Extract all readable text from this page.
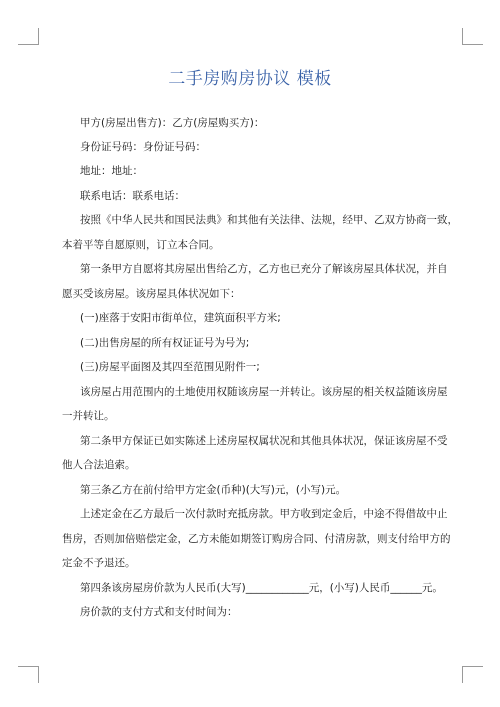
二手房购房协议 模板
甲方(房屋出售方)：乙方(房屋购买方)：
身份证号码：身份证号码：
地址：地址：
联系电话：联系电话：
按照《中华人民共和国民法典》和其他有关法律、法规，经甲、乙双方协商一致，
本着平等自愿原则，订立本合同。
第一条甲方自愿将其房屋出售给乙方，乙方也已充分了解该房屋具体状况，并自
愿买受该房屋。该房屋具体状况如下：
(一)座落于安阳市街单位，建筑面积平方米;
(二)出售房屋的所有权证证号为号为;
(三)房屋平面图及其四至范围见附件一;
该房屋占用范围内的土地使用权随该房屋一并转让。该房屋的相关权益随该房屋
一并转让。
第二条甲方保证已如实陈述上述房屋权属状况和其他具体状况，保证该房屋不受
他人合法追索。
第三条乙方在前付给甲方定金(币种)(大写)元，(小写)元。
上述定金在乙方最后一次付款时充抵房款。甲方收到定金后，中途不得借故中止
售房，否则加倍赔偿定金，乙方未能如期签订购房合同、付清房款，则支付给甲方的
定金不予退还。
第四条该房屋房价款为人民币(大写)____________元，(小写)人民币______元。
房价款的支付方式和支付时间为：
